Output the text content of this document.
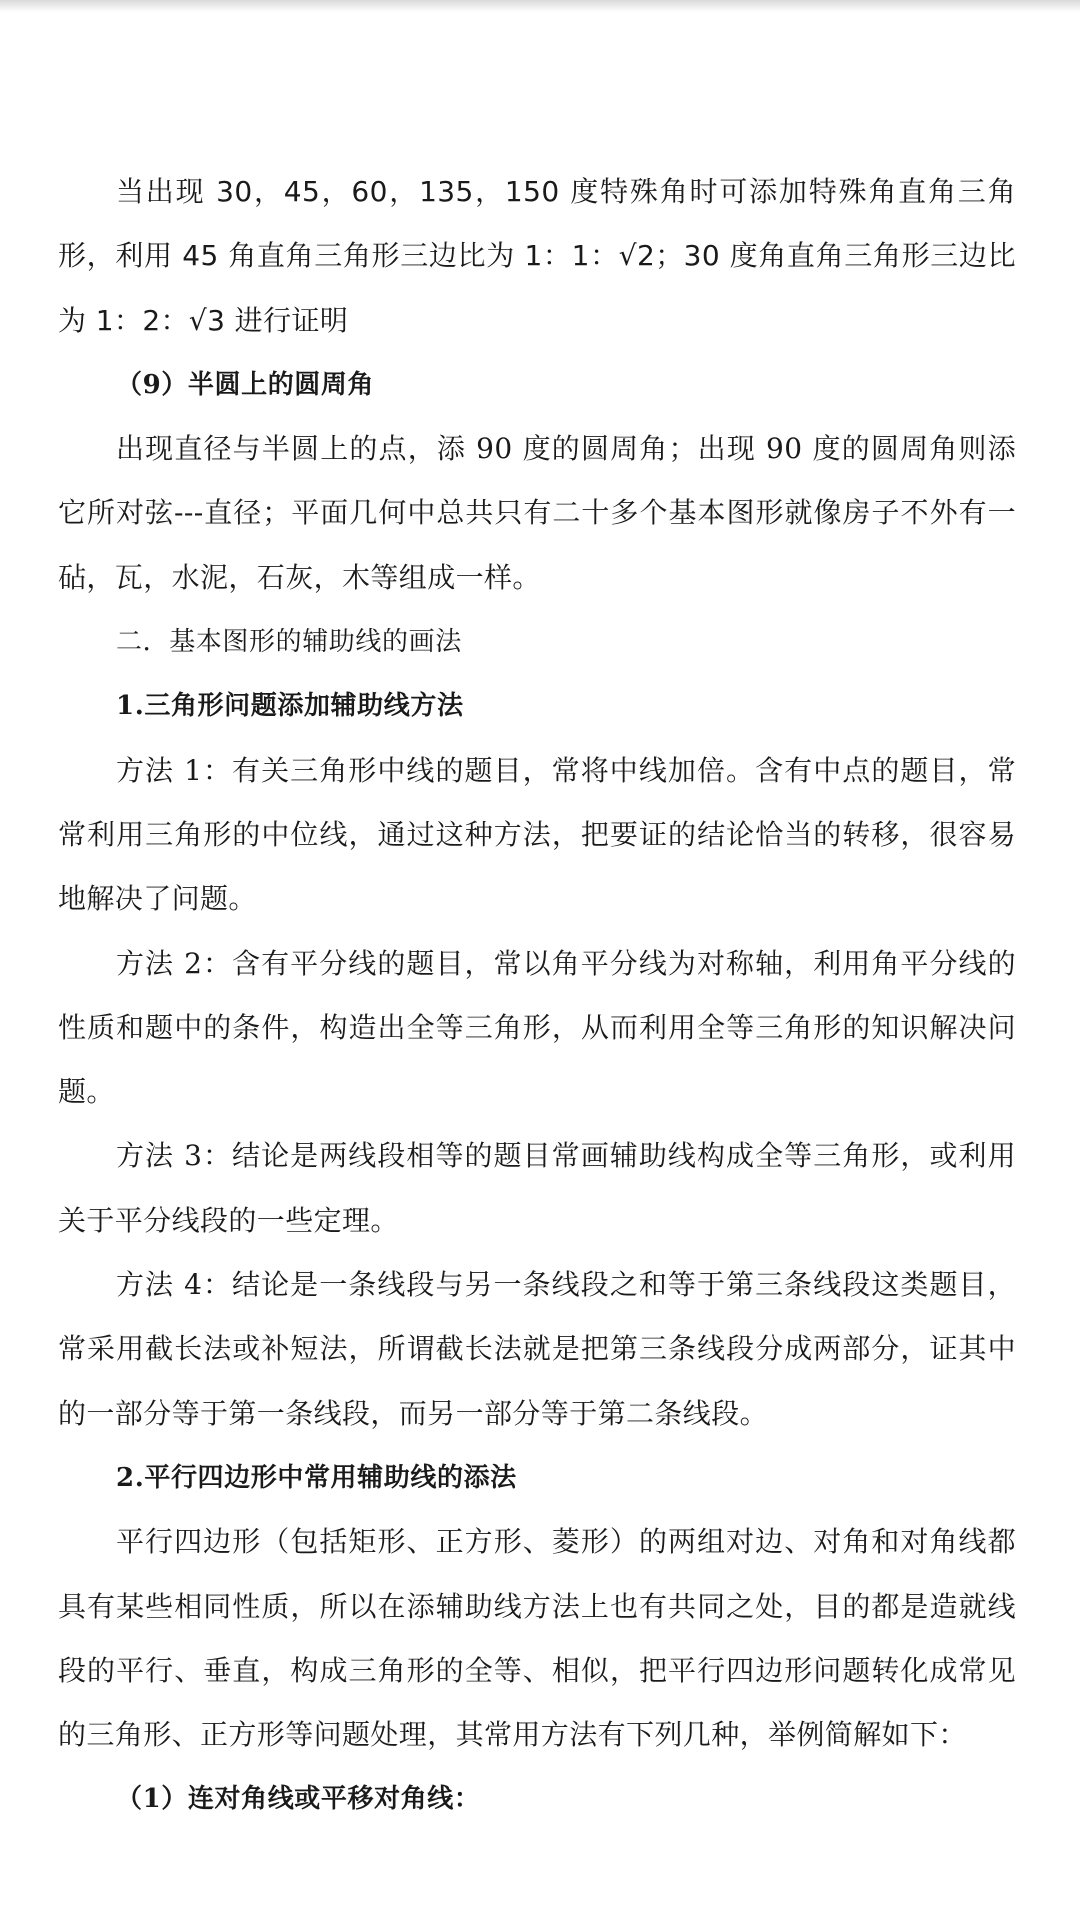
当出现 30，45，60，135，150 度特殊角时可添加特殊角直角三角形，利用 45 角直角三角形三边比为 1：1：√2；30 度角直角三角形三边比为 1：2：√3 进行证明

（9）半圆上的圆周角

出现直径与半圆上的点，添 90 度的圆周角；出现 90 度的圆周角则添它所对弦---直径；平面几何中总共只有二十多个基本图形就像房子不外有一砧，瓦，水泥，石灰，木等组成一样。

二．基本图形的辅助线的画法

1.三角形问题添加辅助线方法

方法 1：有关三角形中线的题目，常将中线加倍。含有中点的题目，常常利用三角形的中位线，通过这种方法，把要证的结论恰当的转移，很容易地解决了问题。

方法 2：含有平分线的题目，常以角平分线为对称轴，利用角平分线的性质和题中的条件，构造出全等三角形，从而利用全等三角形的知识解决问题。

方法 3：结论是两线段相等的题目常画辅助线构成全等三角形，或利用关于平分线段的一些定理。

方法 4：结论是一条线段与另一条线段之和等于第三条线段这类题目，常采用截长法或补短法，所谓截长法就是把第三条线段分成两部分，证其中的一部分等于第一条线段，而另一部分等于第二条线段。

2.平行四边形中常用辅助线的添法

平行四边形（包括矩形、正方形、菱形）的两组对边、对角和对角线都具有某些相同性质，所以在添辅助线方法上也有共同之处，目的都是造就线段的平行、垂直，构成三角形的全等、相似，把平行四边形问题转化成常见的三角形、正方形等问题处理，其常用方法有下列几种，举例简解如下：

（1）连对角线或平移对角线：
